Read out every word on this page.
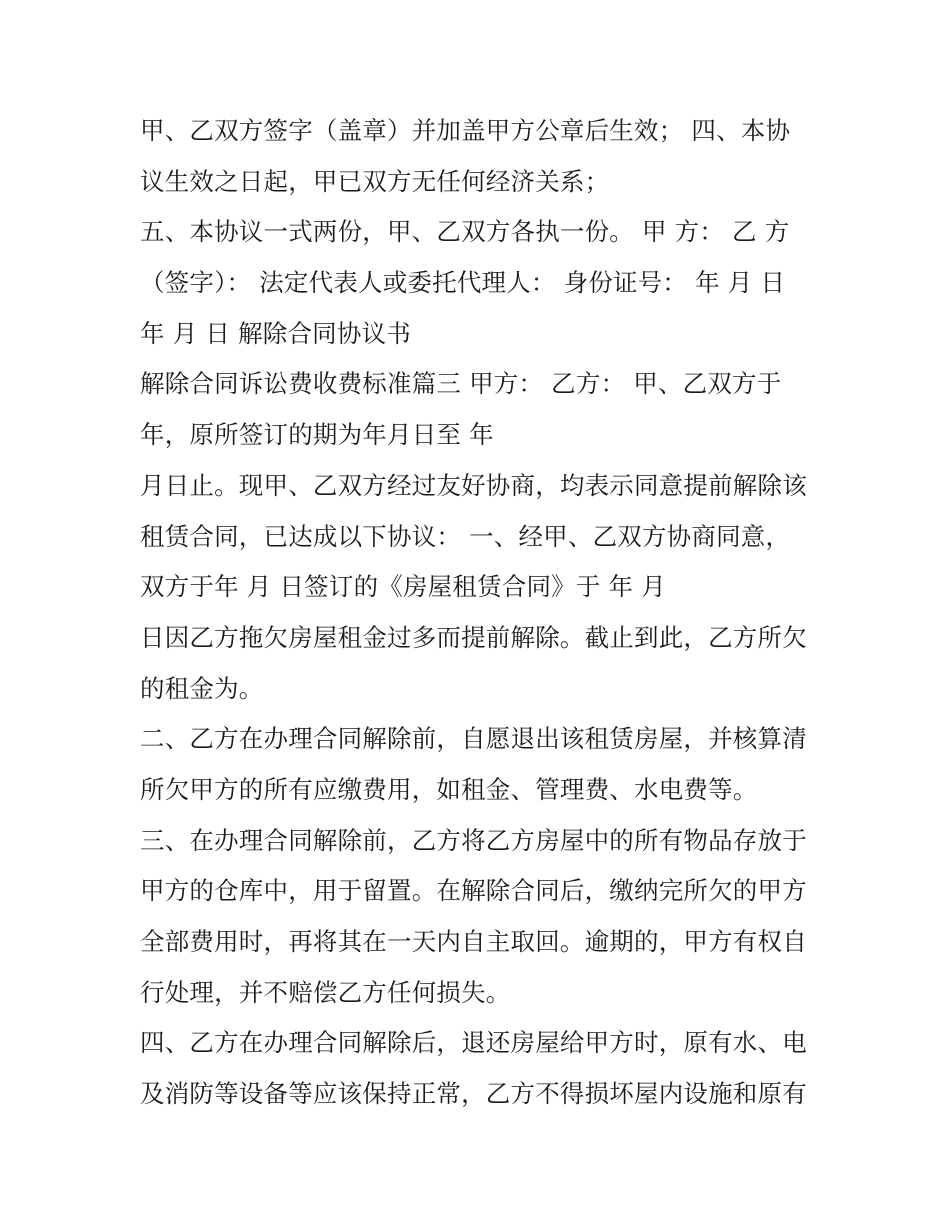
甲、乙双方签字（盖章）并加盖甲方公章后生效； 四、本协
议生效之日起，甲已双方无任何经济关系；
五、本协议一式两份，甲、乙双方各执一份。 甲 方： 乙 方
（签字）： 法定代表人或委托代理人： 身份证号： 年 月 日
年 月 日 解除合同协议书
解除合同诉讼费收费标准篇三 甲方： 乙方： 甲、乙双方于
年，原所签订的期为年月日至 年
月日止。现甲、乙双方经过友好协商，均表示同意提前解除该
租赁合同，已达成以下协议： 一、经甲、乙双方协商同意，
双方于年 月 日签订的《房屋租赁合同》于 年 月
日因乙方拖欠房屋租金过多而提前解除。截止到此，乙方所欠
的租金为。
二、乙方在办理合同解除前，自愿退出该租赁房屋，并核算清
所欠甲方的所有应缴费用，如租金、管理费、水电费等。
三、在办理合同解除前，乙方将乙方房屋中的所有物品存放于
甲方的仓库中，用于留置。在解除合同后，缴纳完所欠的甲方
全部费用时，再将其在一天内自主取回。逾期的，甲方有权自
行处理，并不赔偿乙方任何损失。
四、乙方在办理合同解除后，退还房屋给甲方时，原有水、电
及消防等设备等应该保持正常，乙方不得损坏屋内设施和原有
